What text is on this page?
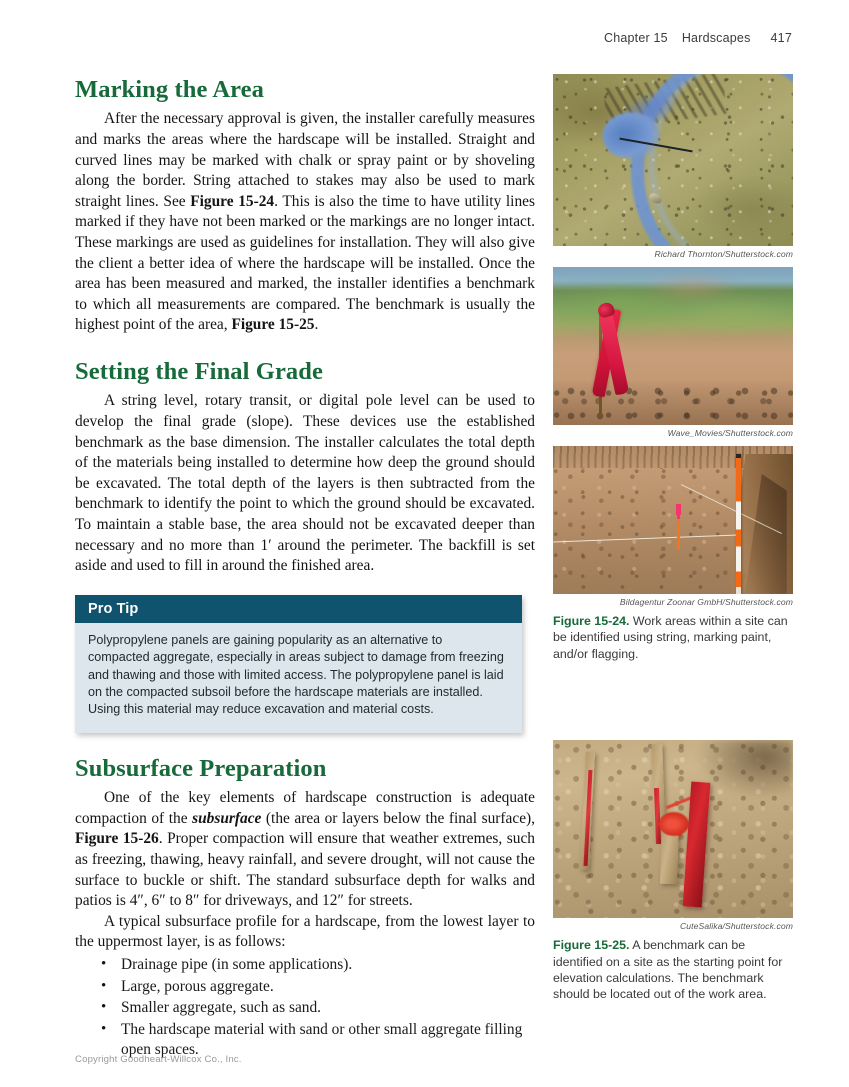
Chapter 15 Hardscapes 417
Marking the Area

After the necessary approval is given, the installer carefully measures and marks the areas where the hardscape will be installed. Straight and curved lines may be marked with chalk or spray paint or by shoveling along the border. String attached to stakes may also be used to mark straight lines. See Figure 15-24. This is also the time to have utility lines marked if they have not been marked or the markings are no longer intact. These markings are used as guidelines for installation. They will also give the client a better idea of where the hardscape will be installed. Once the area has been measured and marked, the installer identifies a benchmark to which all measurements are compared. The benchmark is usually the highest point of the area, Figure 15-25.

Setting the Final Grade

A string level, rotary transit, or digital pole level can be used to develop the final grade (slope). These devices use the established benchmark as the base dimension. The installer calculates the total depth of the materials being installed to determine how deep the ground should be excavated. The total depth of the layers is then subtracted from the benchmark to identify the point to which the ground should be excavated. To maintain a stable base, the area should not be excavated deeper than necessary and no more than 1′ around the perimeter. The backfill is set aside and used to fill in around the finished area.

Pro Tip
Polypropylene panels are gaining popularity as an alternative to compacted aggregate, especially in areas subject to damage from freezing and thawing and those with limited access. The polypropylene panel is laid on the compacted subsoil before the hardscape materials are installed. Using this material may reduce excavation and material costs.
Subsurface Preparation

One of the key elements of hardscape construction is adequate compaction of the subsurface (the area or layers below the final surface), Figure 15-26. Proper compaction will ensure that weather extremes, such as freezing, thawing, heavy rainfall, and severe drought, will not cause the surface to buckle or shift. The standard subsurface depth for walks and patios is 4″, 6″ to 8″ for driveways, and 12″ for streets.

A typical subsurface profile for a hardscape, from the lowest layer to the uppermost layer, is as follows:

• Drainage pipe (in some applications).
• Large, porous aggregate.
• Smaller aggregate, such as sand.
• The hardscape material with sand or other small aggregate filling open spaces.
Richard Thornton/Shutterstock.com
Wave_Movies/Shutterstock.com
Bildagentur Zoonar GmbH/Shutterstock.com
Figure 15-24. Work areas within a site can be identified using string, marking paint, and/or flagging.
CuteSalika/Shutterstock.com
Figure 15-25. A benchmark can be identified on a site as the starting point for elevation calculations. The benchmark should be located out of the work area.
Copyright Goodheart-Willcox Co., Inc.
